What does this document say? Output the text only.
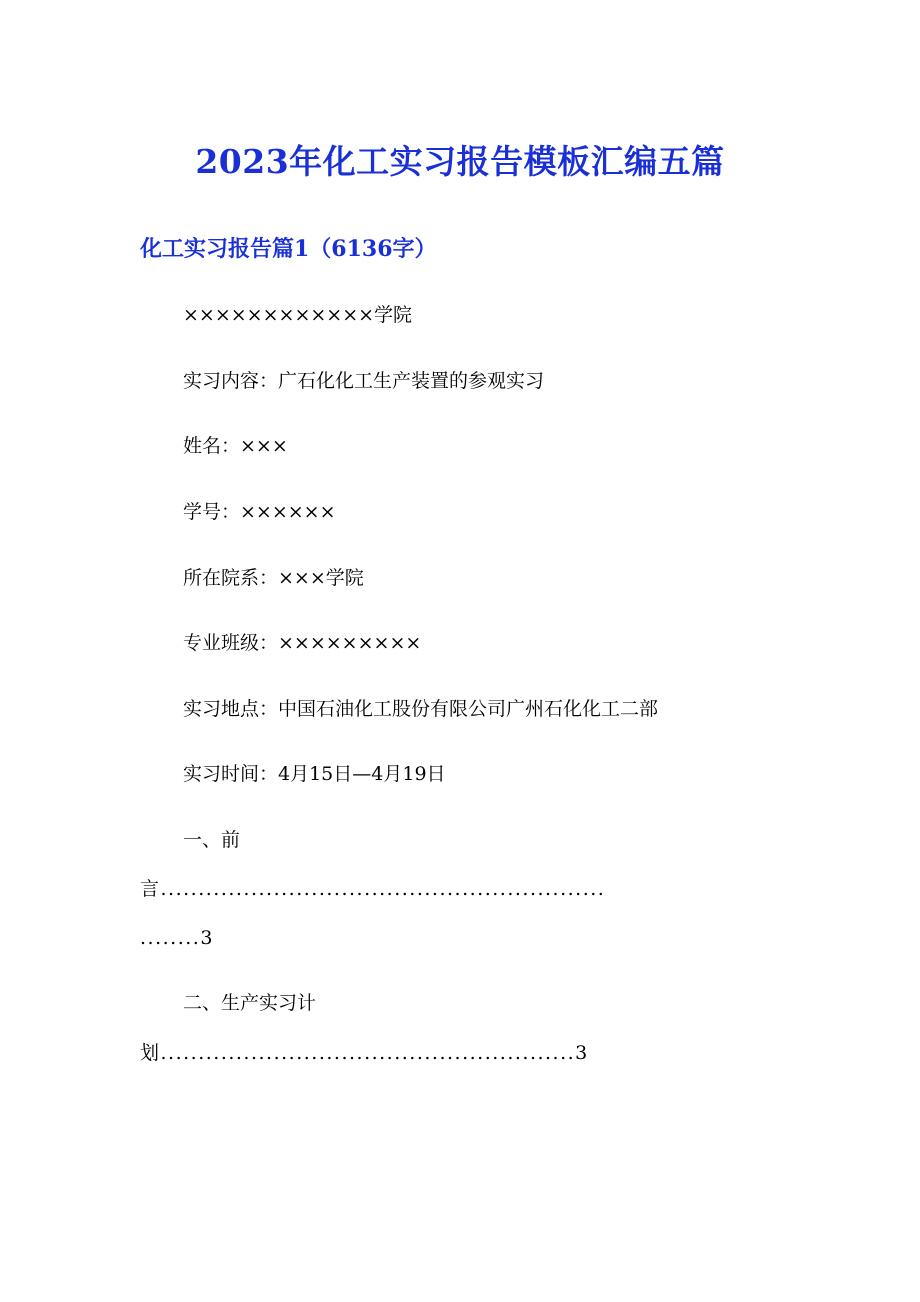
2023年化工实习报告模板汇编五篇
化工实习报告篇1（6136字）
××××××××××××学院
实习内容：广石化化工生产装置的参观实习
姓名：×××
学号：××××××
所在院系：×××学院
专业班级：×××××××××
实习地点：中国石油化工股份有限公司广州石化化工二部
实习时间：4月15日—4月19日
一、前
言...........................................................
........3
二、生产实习计
划.......................................................3
